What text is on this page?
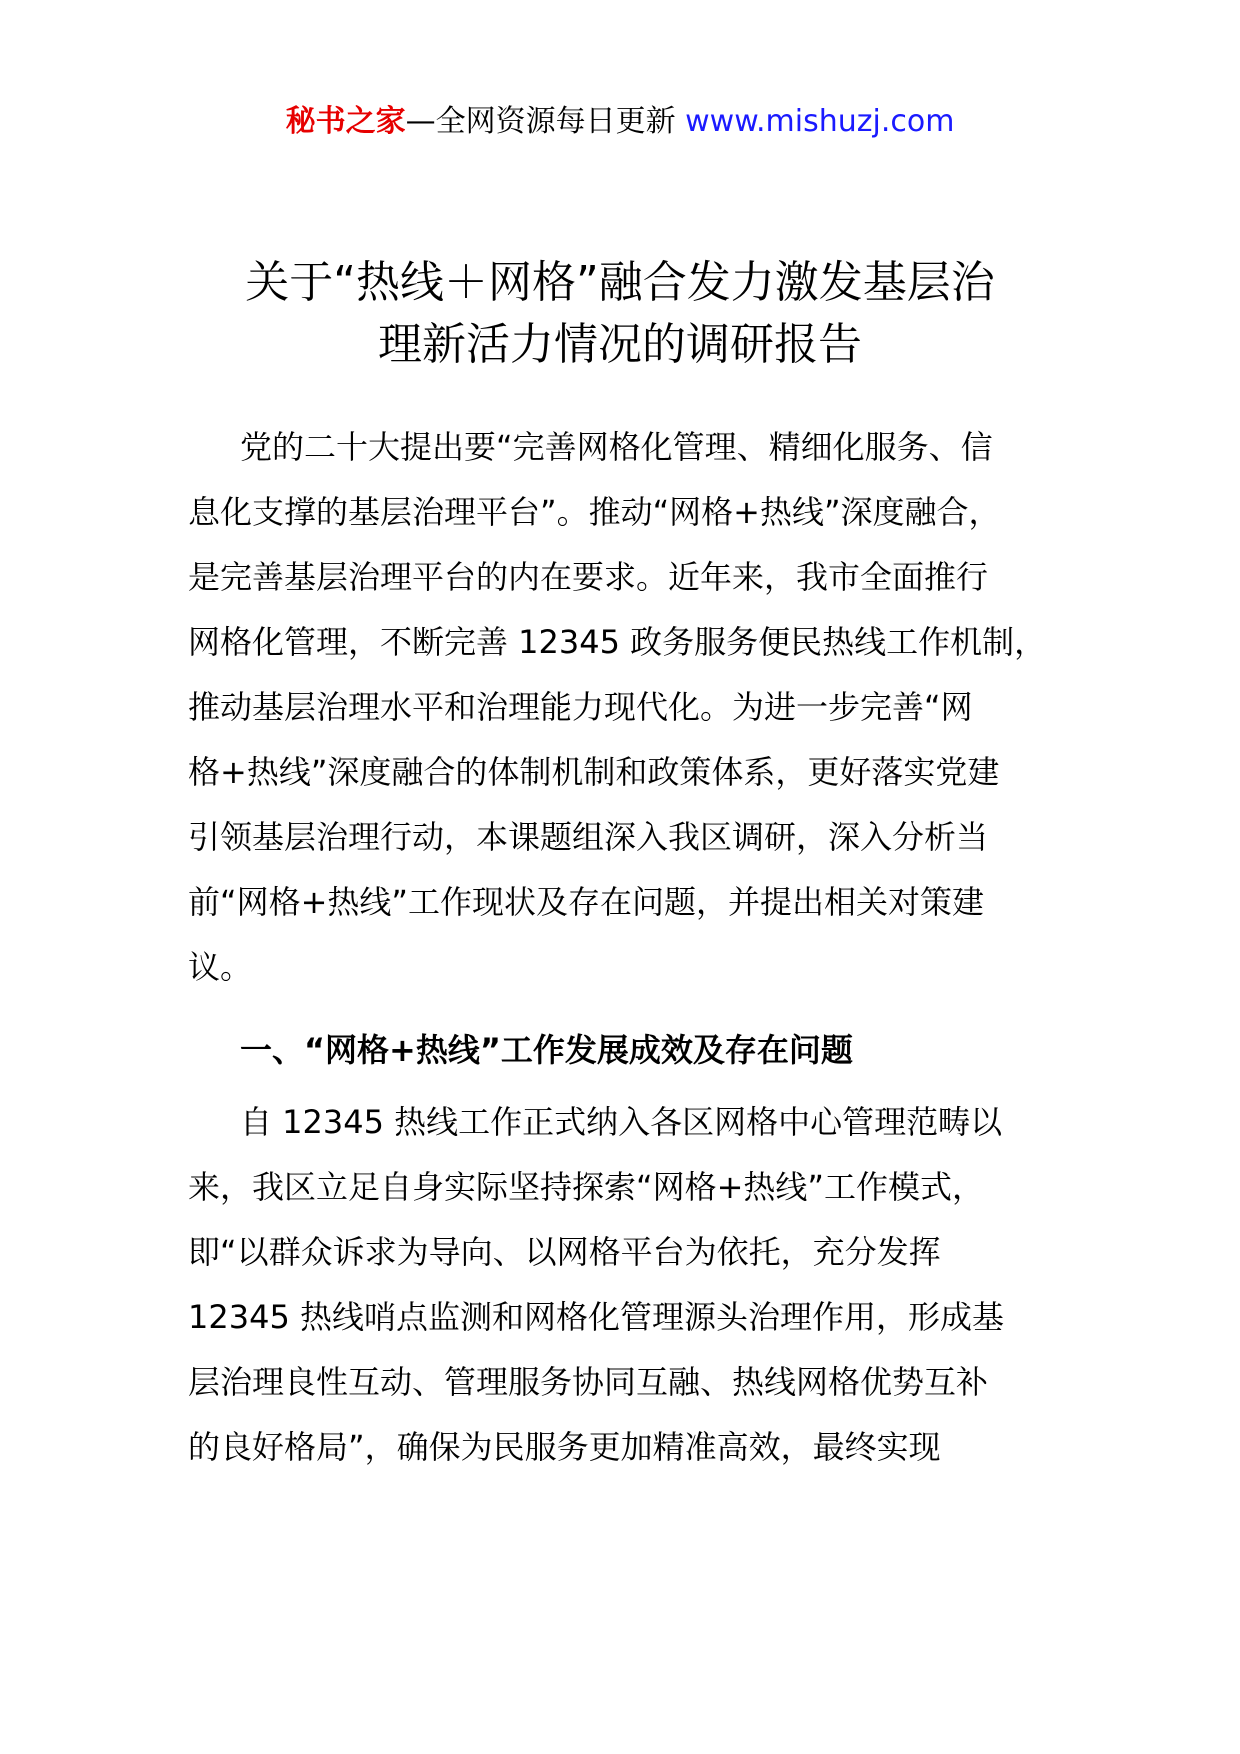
秘书之家—全网资源每日更新 www.mishuzj.com
关于“热线＋网格”融合发力激发基层治
理新活力情况的调研报告
党的二十大提出要“完善网格化管理、精细化服务、信
息化支撑的基层治理平台”。推动“网格+热线”深度融合，
是完善基层治理平台的内在要求。近年来，我市全面推行
网格化管理，不断完善 12345 政务服务便民热线工作机制，
推动基层治理水平和治理能力现代化。为进一步完善“网
格+热线”深度融合的体制机制和政策体系，更好落实党建
引领基层治理行动，本课题组深入我区调研，深入分析当
前“网格+热线”工作现状及存在问题，并提出相关对策建
议。
一、“网格+热线”工作发展成效及存在问题
自 12345 热线工作正式纳入各区网格中心管理范畴以
来，我区立足自身实际坚持探索“网格+热线”工作模式，
即“以群众诉求为导向、以网格平台为依托，充分发挥
12345 热线哨点监测和网格化管理源头治理作用，形成基
层治理良性互动、管理服务协同互融、热线网格优势互补
的良好格局”，确保为民服务更加精准高效，最终实现
